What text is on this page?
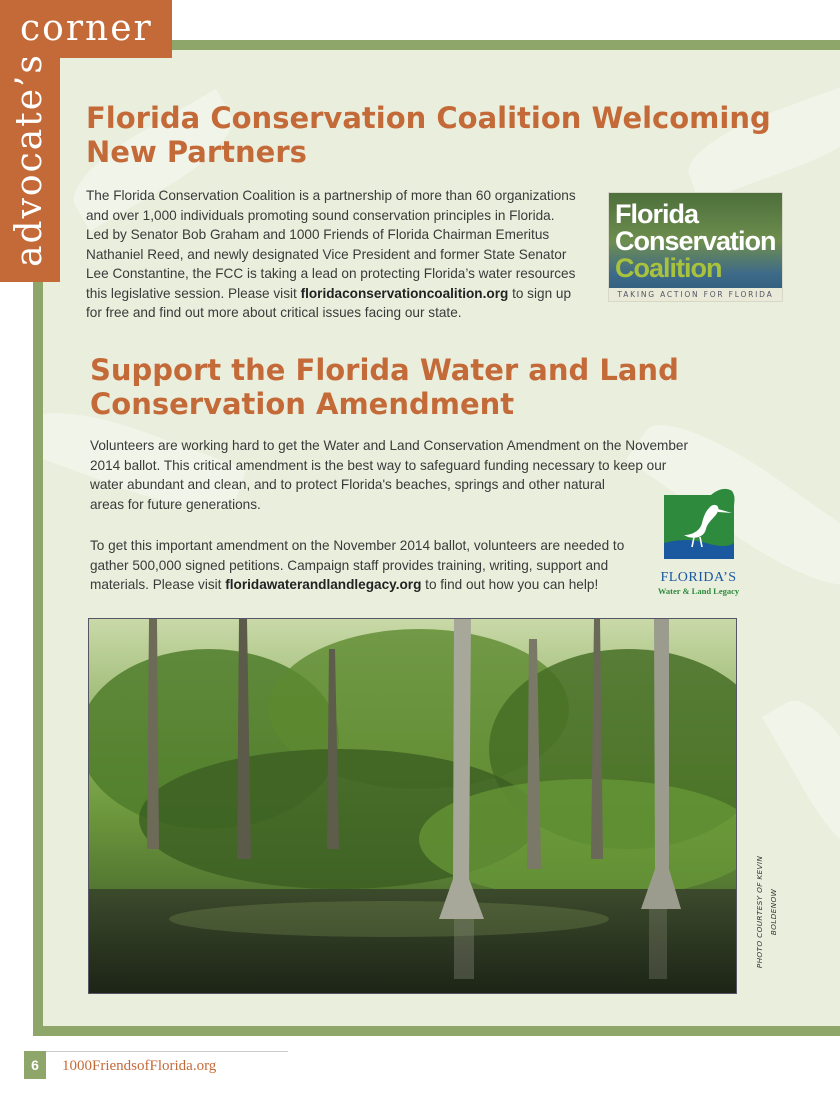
corner
advocate’s Florida Conservation Coalition Welcoming
New Partners
The Florida Conservation Coalition is a partnership of more than 60 organizations
and over 1,000 individuals promoting sound conservation principles in Florida.
Led by Senator Bob Graham and 1000 Friends of Florida Chairman Emeritus
Nathaniel Reed, and newly designated Vice President and former State Senator
Lee Constantine, the FCC is taking a lead on protecting Florida’s water resources
this legislative session. Please visit floridaconservationcoalition.org to sign up
for free and find out more about critical issues facing our state.
Florida
Conservation
Coalition
TAKING ACTION FOR FLORIDA
Support the Florida Water and Land
Conservation Amendment
Volunteers are working hard to get the Water and Land Conservation Amendment on the November
2014 ballot. This critical amendment is the best way to safeguard funding necessary to keep our
water abundant and clean, and to protect Florida's beaches, springs and other natural
areas for future generations.
To get this important amendment on the November 2014 ballot, volunteers are needed to
gather 500,000 signed petitions. Campaign staff provides training, writing, support and
materials. Please visit floridawaterandlandlegacy.org to find out how you can help!	FLORIDA’S
Water & Land Legacy
PHOTO COURTESY OF KEVIN BOLDENOW
6	1000FriendsofFlorida.org
